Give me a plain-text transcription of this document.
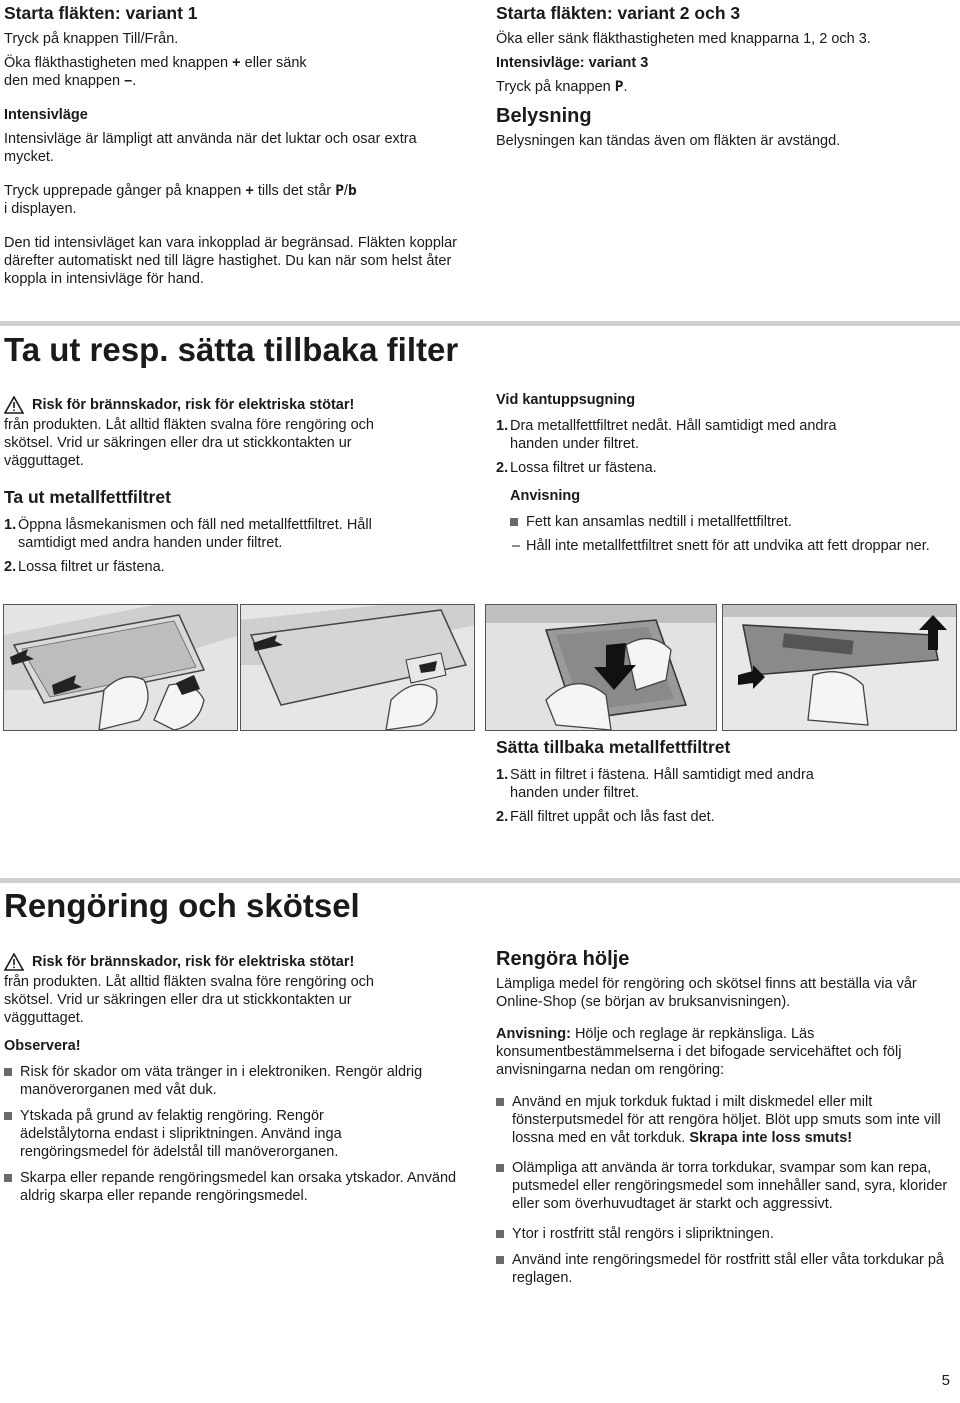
Starta fläkten: variant 1

Tryck på knappen Till/Från.

Öka fläkthastigheten med knappen + eller sänk
den med knappen –.

Intensivläge

Intensivläge är lämpligt att använda när det luktar och osar extra mycket.

Tryck upprepade gånger på knappen + tills det står P/b
i displayen.

Den tid intensivläget kan vara inkopplad är begränsad. Fläkten kopplar därefter automatiskt ned till lägre hastighet. Du kan när som helst åter koppla in intensivläge för hand.

Starta fläkten: variant 2 och 3

Öka eller sänk fläkthastigheten med knapparna 1, 2 och 3.

Intensivläge: variant 3

Tryck på knappen P.

Belysning

Belysningen kan tändas även om fläkten är avstängd.

Ta ut resp. sätta tillbaka filter

Risk för brännskador, risk för elektriska stötar!

från produkten. Låt alltid fläkten svalna före rengöring och skötsel. Vrid ur säkringen eller dra ut stickkontakten ur vägguttaget.

Ta ut metallfettfiltret

1. Öppna låsmekanismen och fäll ned metallfettfiltret. Håll samtidigt med andra handen under filtret.
2. Lossa filtret ur fästena.

Vid kantuppsugning

1. Dra metallfettfiltret nedåt. Håll samtidigt med andra handen under filtret.
2. Lossa filtret ur fästena.

Anvisning

Fett kan ansamlas nedtill i metallfettfiltret.
– Håll inte metallfettfiltret snett för att undvika att fett droppar ner.

Sätta tillbaka metallfettfiltret

1. Sätt in filtret i fästena. Håll samtidigt med andra handen under filtret.
2. Fäll filtret uppåt och lås fast det.

Rengöring och skötsel

Risk för brännskador, risk för elektriska stötar!

från produkten. Låt alltid fläkten svalna före rengöring och skötsel. Vrid ur säkringen eller dra ut stickkontakten ur vägguttaget.

Observera!

Risk för skador om väta tränger in i elektroniken. Rengör aldrig manöverorganen med våt duk.
Ytskada på grund av felaktig rengöring. Rengör ädelstålytorna endast i slipriktningen. Använd inga rengöringsmedel för ädelstål till manöverorganen.
Skarpa eller repande rengöringsmedel kan orsaka ytskador. Använd aldrig skarpa eller repande rengöringsmedel.

Rengöra hölje

Lämpliga medel för rengöring och skötsel finns att beställa via vår Online-Shop (se början av bruksanvisningen).

Anvisning: Hölje och reglage är repkänsliga. Läs konsumentbestämmelserna i det bifogade servicehäftet och följ anvisningarna nedan om rengöring:

Använd en mjuk torkduk fuktad i milt diskmedel eller milt fönsterputsmedel för att rengöra höljet. Blöt upp smuts som inte vill lossna med en våt torkduk. Skrapa inte loss smuts!
Olämpliga att använda är torra torkdukar, svampar som kan repa, putsmedel eller rengöringsmedel som innehåller sand, syra, klorider eller som överhuvudtaget är starkt och aggressivt.
Ytor i rostfritt stål rengörs i slipriktningen.
Använd inte rengöringsmedel för rostfritt stål eller våta torkdukar på reglagen.
5
